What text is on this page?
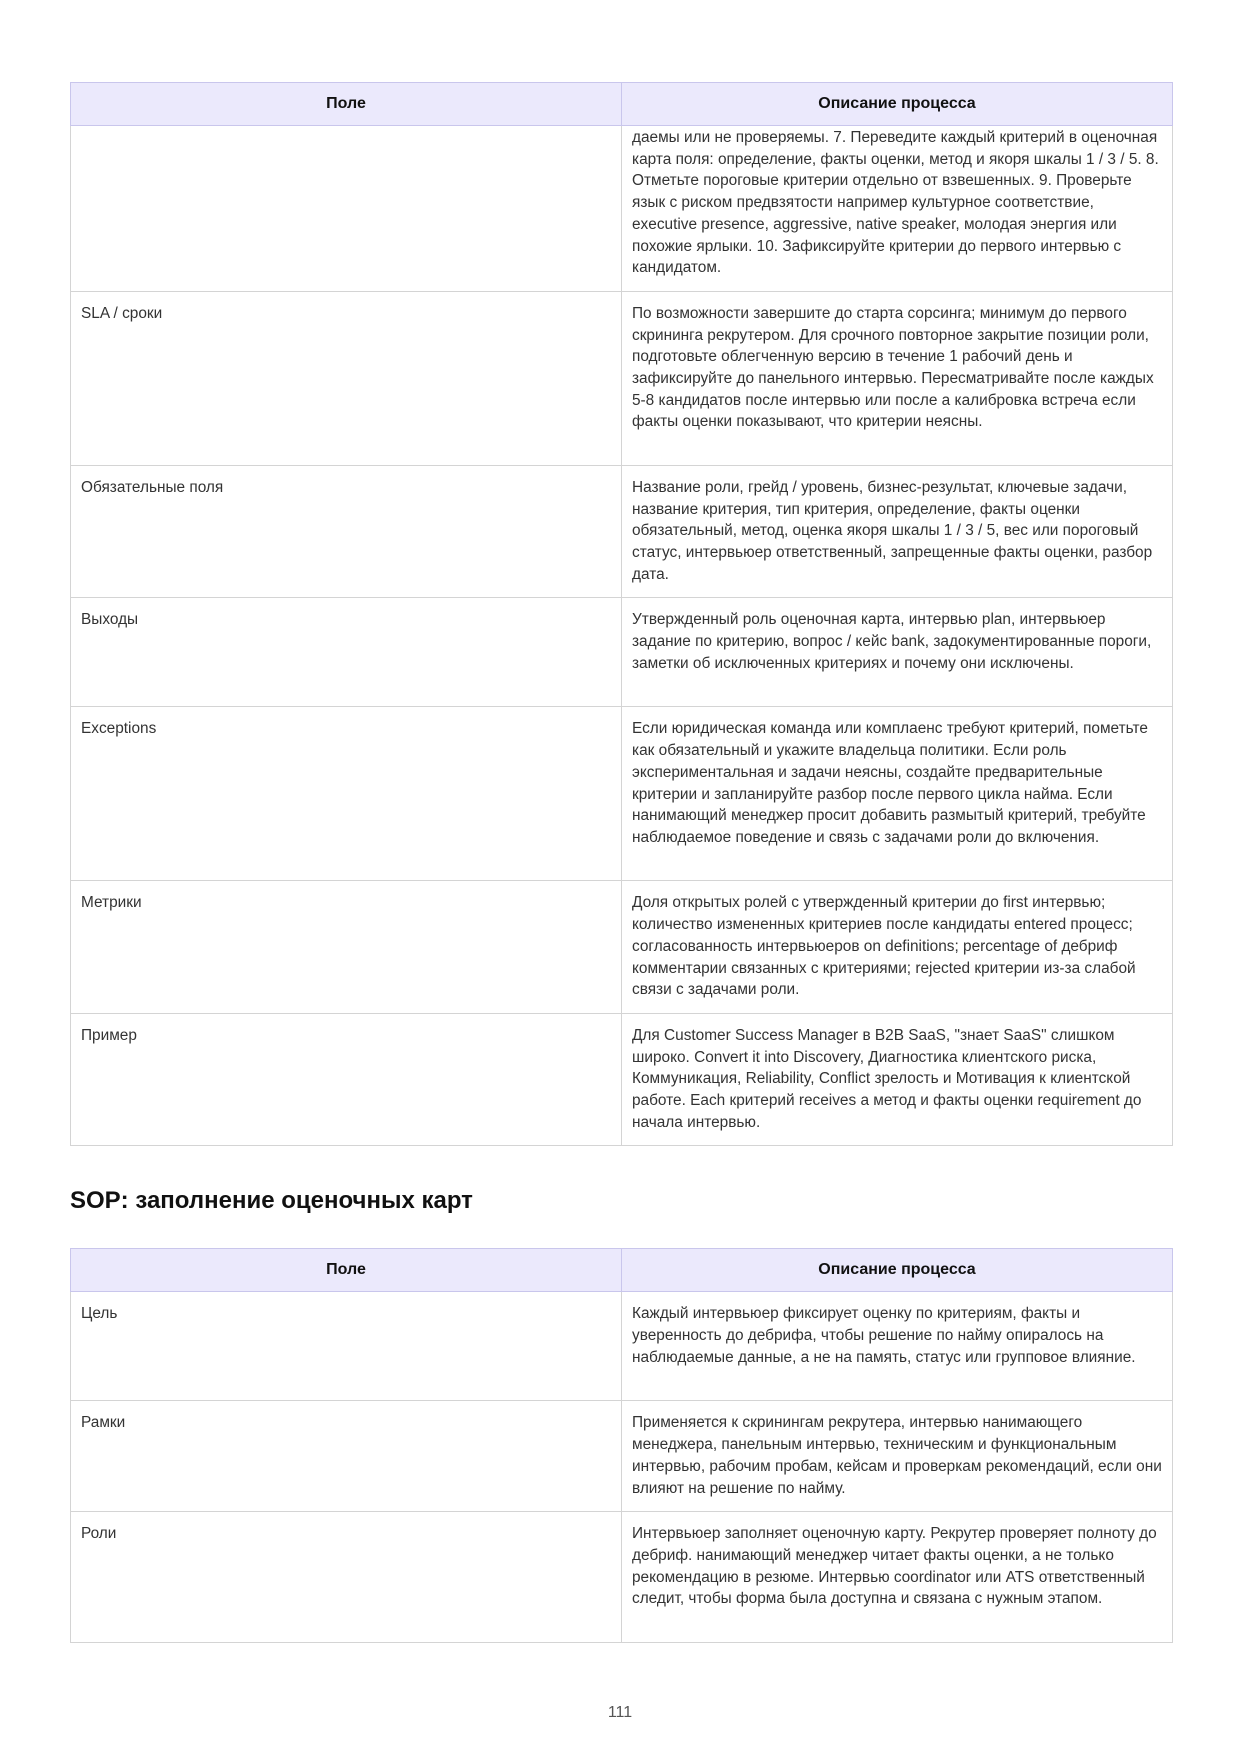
Поле	Описание процесса
	даемы или не проверяемы. 7. Переведите каждый критерий в оценочная карта поля: определение, факты оценки, метод и якоря шкалы 1 / 3 / 5. 8. Отметьте пороговые критерии отдельно от взвешенных. 9. Проверьте язык с риском предвзятости например культурное соответствие, executive presence, aggressive, native speaker, молодая энергия или похожие ярлыки. 10. Зафиксируйте критерии до первого интервью с кандидатом.
SLA / сроки	По возможности завершите до старта сорсинга; минимум до первого скрининга рекрутером. Для срочного повторное закрытие позиции роли, подготовьте облегченную версию в течение 1 рабочий день и зафиксируйте до панельного интервью. Пересматривайте после каждых 5-8 кандидатов после интервью или после а калибровка встреча если факты оценки показывают, что критерии неясны.
Обязательные поля	Название роли, грейд / уровень, бизнес-результат, ключевые задачи, название критерия, тип критерия, определение, факты оценки обязательный, метод, оценка якоря шкалы 1 / 3 / 5, вес или пороговый статус, интервьюер ответственный, запрещенные факты оценки, разбор дата.
Выходы	Утвержденный роль оценочная карта, интервью plan, интервьюер задание по критерию, вопрос / кейс bank, задокументированные пороги, заметки об исключенных критериях и почему они исключены.
Exceptions	Если юридическая команда или комплаенс требуют критерий, пометьте как обязательный и укажите владельца политики. Если роль экспериментальная и задачи неясны, создайте предварительные критерии и запланируйте разбор после первого цикла найма. Если нанимающий менеджер просит добавить размытый критерий, требуйте наблюдаемое поведение и связь с задачами роли до включения.
Метрики	Доля открытых ролей с утвержденный критерии до first интервью; количество измененных критериев после кандидаты entered процесс; согласованность интервьюеров on definitions; percentage of дебриф комментарии связанных с критериями; rejected критерии из-за слабой связи с задачами роли.
Пример	Для Customer Success Manager в B2B SaaS, "знает SaaS" слишком широко. Convert it into Discovery, Диагностика клиентского риска, Коммуникация, Reliability, Conflict зрелость и Мотивация к клиентской работе. Each критерий receives a метод и факты оценки requirement до начала интервью.
SOP: заполнение оценочных карт
Поле	Описание процесса
Цель	Каждый интервьюер фиксирует оценку по критериям, факты и уверенность до дебрифа, чтобы решение по найму опиралось на наблюдаемые данные, а не на память, статус или групповое влияние.
Рамки	Применяется к скринингам рекрутера, интервью нанимающего менеджера, панельным интервью, техническим и функциональным интервью, рабочим пробам, кейсам и проверкам рекомендаций, если они влияют на решение по найму.
Роли	Интервьюер заполняет оценочную карту. Рекрутер проверяет полноту до дебриф. нанимающий менеджер читает факты оценки, а не только рекомендацию в резюме. Интервью coordinator или ATS ответственный следит, чтобы форма была доступна и связана с нужным этапом.
111
